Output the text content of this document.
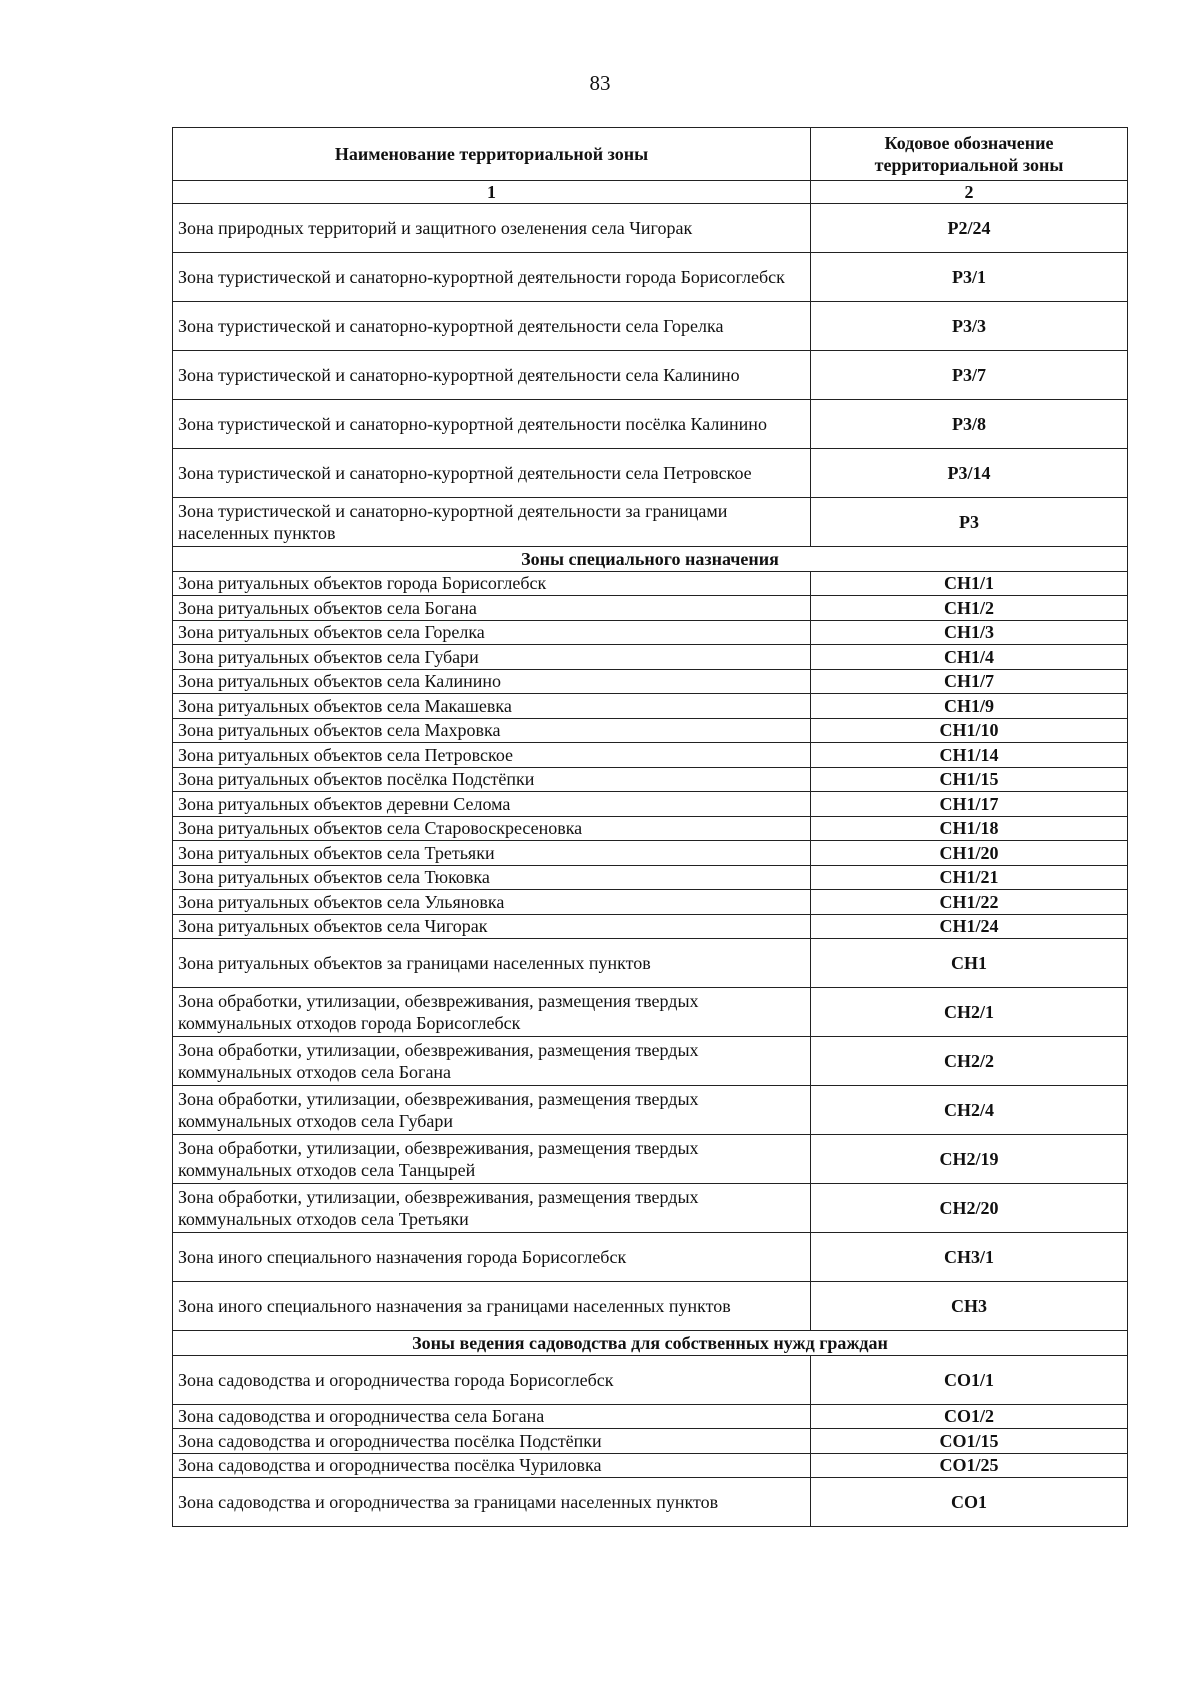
83
Наименование территориальной зоны	Кодовое обозначение территориальной зоны
1	2
Зона природных территорий и защитного озеленения села Чигорак	Р2/24
Зона туристической и санаторно-курортной деятельности города Борисоглебск	Р3/1
Зона туристической и санаторно-курортной деятельности села Горелка	Р3/3
Зона туристической и санаторно-курортной деятельности села Калинино	Р3/7
Зона туристической и санаторно-курортной деятельности посёлка Калинино	Р3/8
Зона туристической и санаторно-курортной деятельности села Петровское	Р3/14
Зона туристической и санаторно-курортной деятельности за границами населенных пунктов	Р3
Зоны специального назначения	
Зона ритуальных объектов города Борисоглебск	СН1/1
Зона ритуальных объектов села Богана	СН1/2
Зона ритуальных объектов села Горелка	СН1/3
Зона ритуальных объектов села Губари	СН1/4
Зона ритуальных объектов села Калинино	СН1/7
Зона ритуальных объектов села Макашевка	СН1/9
Зона ритуальных объектов села Махровка	СН1/10
Зона ритуальных объектов села Петровское	СН1/14
Зона ритуальных объектов посёлка Подстёпки	СН1/15
Зона ритуальных объектов деревни Селома	СН1/17
Зона ритуальных объектов села Старовоскресеновка	СН1/18
Зона ритуальных объектов села Третьяки	СН1/20
Зона ритуальных объектов села Тюковка	СН1/21
Зона ритуальных объектов села Ульяновка	СН1/22
Зона ритуальных объектов села Чигорак	СН1/24
Зона ритуальных объектов за границами населенных пунктов	СН1
Зона обработки, утилизации, обезвреживания, размещения твердых коммунальных отходов города Борисоглебск	СН2/1
Зона обработки, утилизации, обезвреживания, размещения твердых коммунальных отходов села Богана	СН2/2
Зона обработки, утилизации, обезвреживания, размещения твердых коммунальных отходов села Губари	СН2/4
Зона обработки, утилизации, обезвреживания, размещения твердых коммунальных отходов села Танцырей	СН2/19
Зона обработки, утилизации, обезвреживания, размещения твердых коммунальных отходов села Третьяки	СН2/20
Зона иного специального назначения города Борисоглебск	СН3/1
Зона иного специального назначения за границами населенных пунктов	СН3
Зоны ведения садоводства для собственных нужд граждан	
Зона садоводства и огородничества города Борисоглебск	СО1/1
Зона садоводства и огородничества села Богана	СО1/2
Зона садоводства и огородничества посёлка Подстёпки	СО1/15
Зона садоводства и огородничества посёлка Чуриловка	СО1/25
Зона садоводства и огородничества за границами населенных пунктов	СО1
